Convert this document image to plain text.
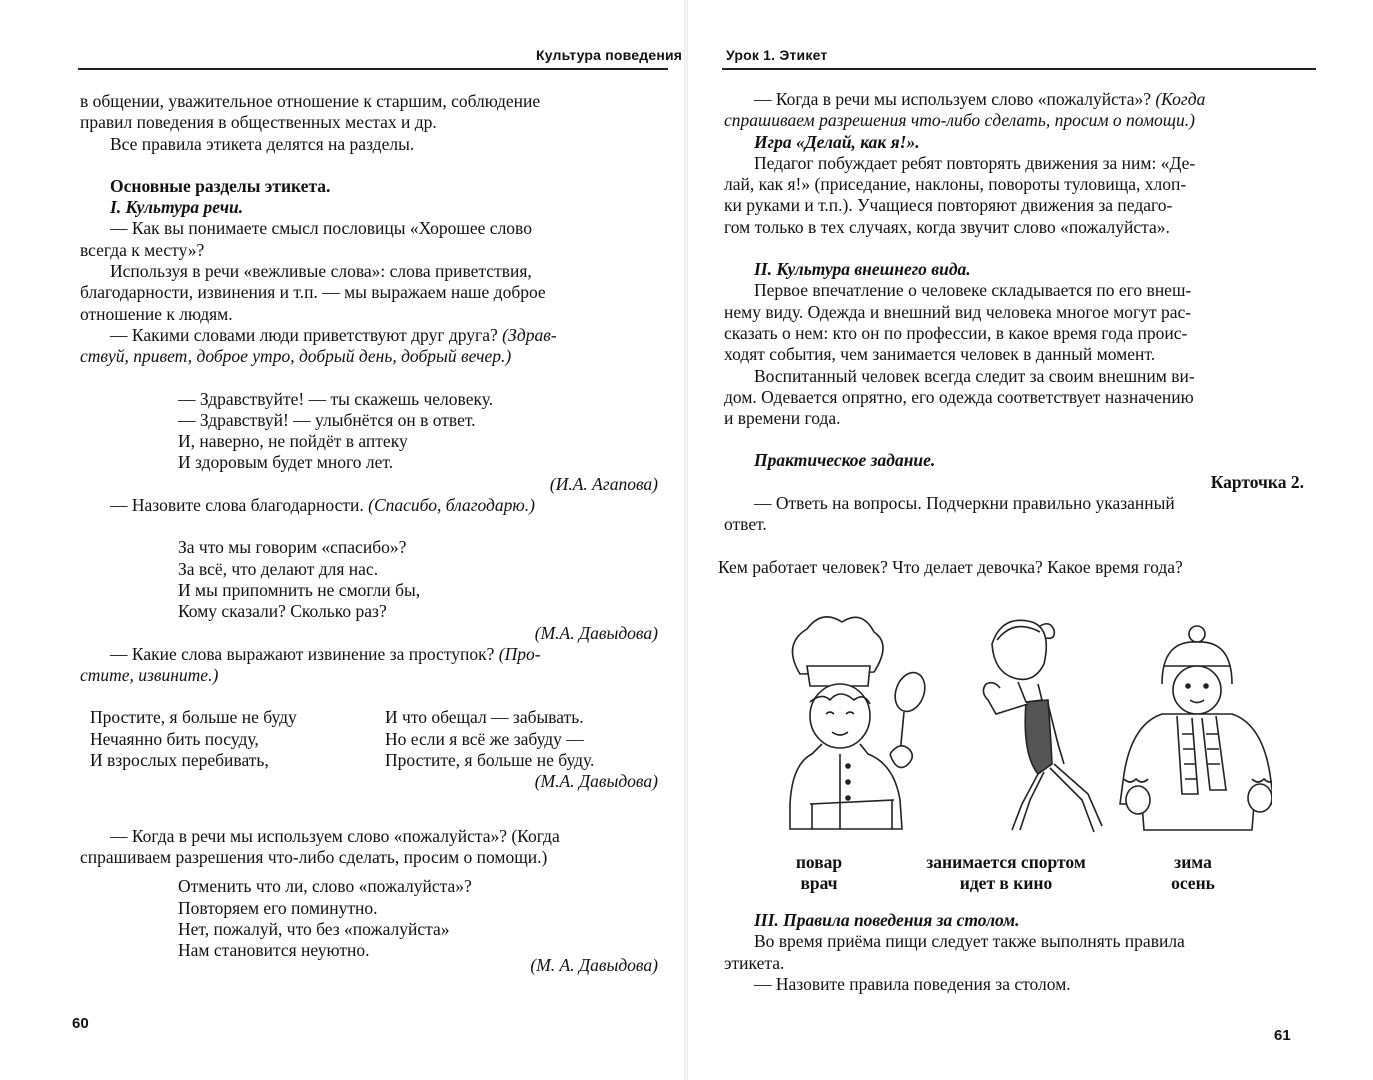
Культура поведения

в общении, уважительное отношение к старшим, соблюдение

правил поведения в общественных местах и др.

Все правила этикета делятся на разделы.

Основные разделы этикета.

I. Культура речи.

— Как вы понимаете смысл пословицы «Хорошее слово

всегда к месту»?

Используя в речи «вежливые слова»: слова приветствия,

благодарности, извинения и т.п. — мы выражаем наше доброе

отношение к людям.

— Какими словами люди приветствуют друг друга? (Здрав-

ствуй, привет, доброе утро, добрый день, добрый вечер.)

— Здравствуйте! — ты скажешь человеку.

— Здравствуй! — улыбнётся он в ответ.

И, наверно, не пойдёт в аптеку

И здоровым будет много лет.

(И.А. Агапова)

— Назовите слова благодарности. (Спасибо, благодарю.)

За что мы говорим «спасибо»?

За всё, что делают для нас.

И мы припомнить не смогли бы,

Кому сказали? Сколько раз?

(М.А. Давыдова)

— Какие слова выражают извинение за проступок? (Про-

стите, извините.)

Простите, я больше не буду

Нечаянно бить посуду,

И взрослых перебивать,

И что обещал — забывать.

Но если я всё же забуду —

Простите, я больше не буду.

(М.А. Давыдова)

— Когда в речи мы используем слово «пожалуйста»? (Когда

спрашиваем разрешения что-либо сделать, просим о помощи.)

Отменить что ли, слово «пожалуйста»?

Повторяем его поминутно.

Нет, пожалуй, что без «пожалуйста»

Нам становится неуютно.

(М. А. Давыдова)

60
Урок 1. Этикет

— Когда в речи мы используем слово «пожалуйста»? (Когда

спрашиваем разрешения что-либо сделать, просим о помощи.)

Игра «Делай, как я!».

Педагог побуждает ребят повторять движения за ним: «Де-

лай, как я!» (приседание, наклоны, повороты туловища, хлоп-

ки руками и т.п.). Учащиеся повторяют движения за педаго-

гом только в тех случаях, когда звучит слово «пожалуйста».

II. Культура внешнего вида.

Первое впечатление о человеке складывается по его внеш-

нему виду. Одежда и внешний вид человека многое могут рас-

сказать о нем: кто он по профессии, в какое время года проис-

ходят события, чем занимается человек в данный момент.

Воспитанный человек всегда следит за своим внешним ви-

дом. Одевается опрятно, его одежда соответствует назначению

и времени года.

Практическое задание.

Карточка 2.

— Ответь на вопросы. Подчеркни правильно указанный

ответ.

Кем работает человек? Что делает девочка? Какое время года?

повар
врач
занимается спортом
идет в кино
зима
осень

III. Правила поведения за столом.

Во время приёма пищи следует также выполнять правила

этикета.

— Назовите правила поведения за столом.

61
